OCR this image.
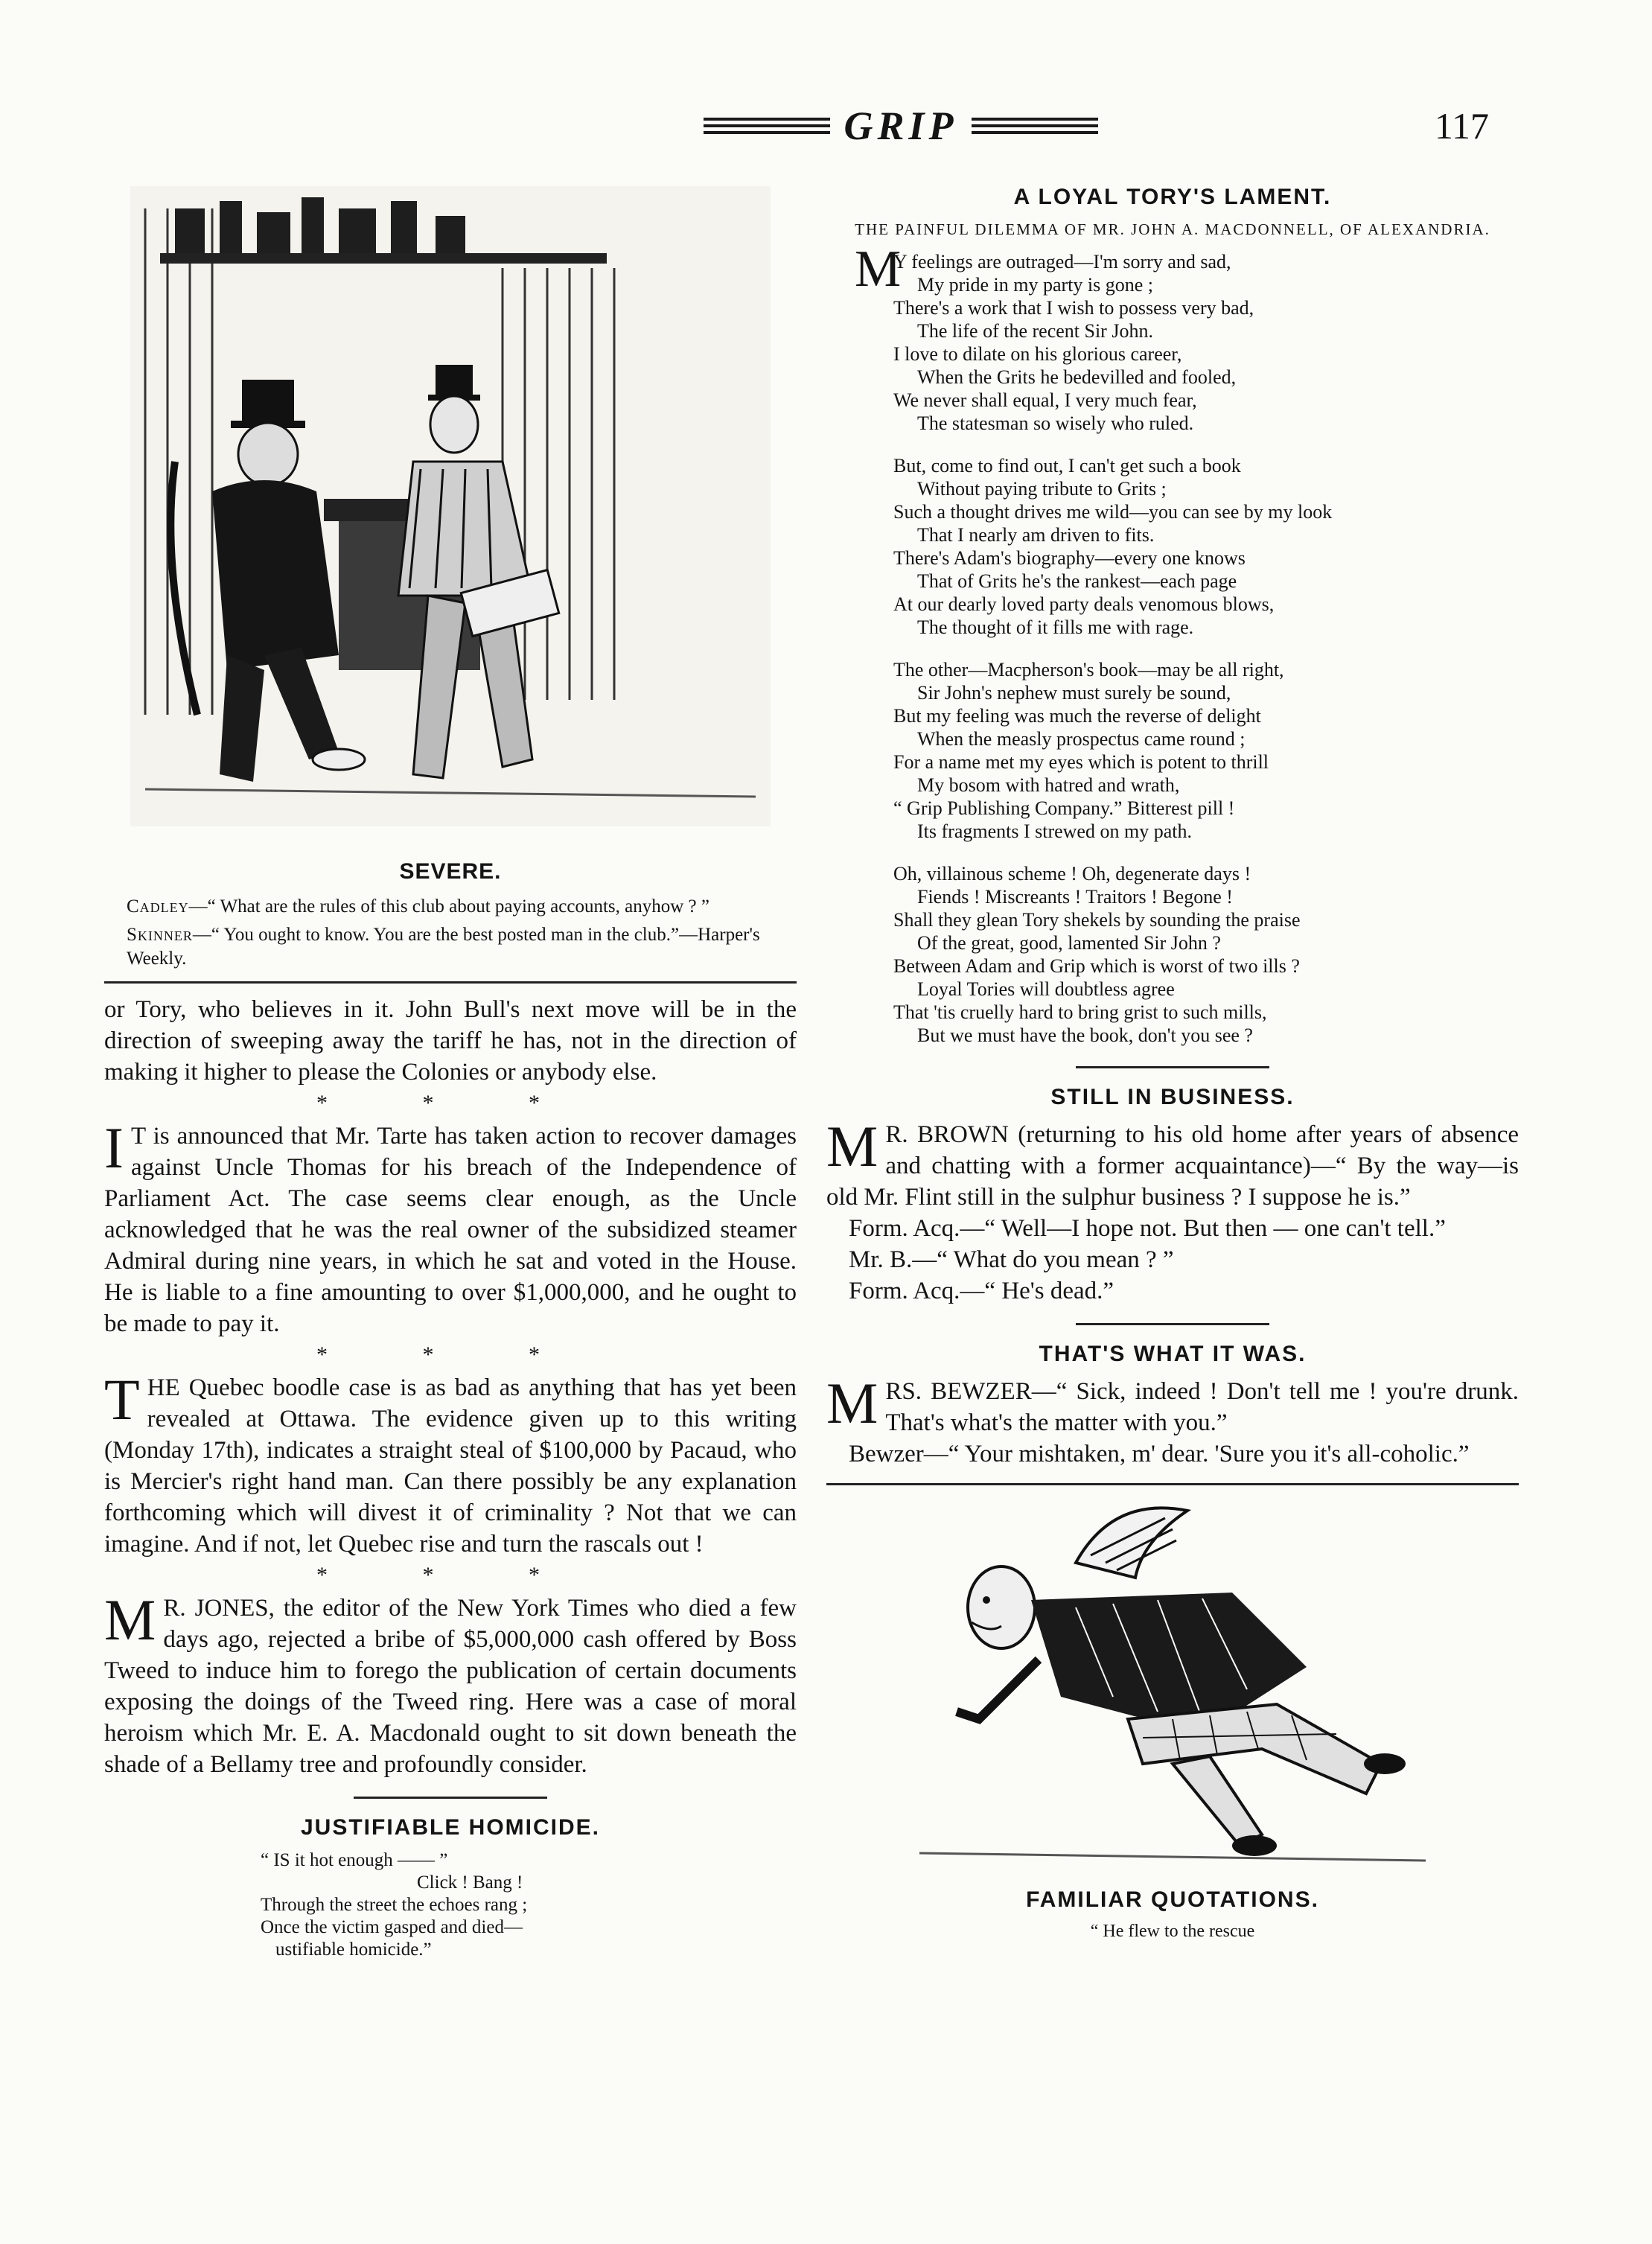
GRIP	117
SEVERE.

Cadley—“ What are the rules of this club about paying accounts, anyhow ? ”

Skinner—“ You ought to know. You are the best posted man in the club.”—Harper's Weekly.

or Tory, who believes in it. John Bull's next move will be in the direction of sweeping away the tariff he has, not in the direction of making it higher to please the Colonies or anybody else.

* * *

I T is announced that Mr. Tarte has taken action to recover damages against Uncle Thomas for his breach of the Independence of Parliament Act. The case seems clear enough, as the Uncle acknowledged that he was the real owner of the subsidized steamer Admiral during nine years, in which he sat and voted in the House. He is liable to a fine amounting to over $1,000,000, and he ought to be made to pay it.

* * *

THE Quebec boodle case is as bad as anything that has yet been revealed at Ottawa. The evidence given up to this writing (Monday 17th), indicates a straight steal of $100,000 by Pacaud, who is Mercier's right hand man. Can there possibly be any explanation forthcoming which will divest it of criminality ? Not that we can imagine. And if not, let Quebec rise and turn the rascals out !

* * *

M R. JONES, the editor of the New York Times who died a few days ago, rejected a bribe of $5,000,000 cash offered by Boss Tweed to induce him to forego the publication of certain documents exposing the doings of the Tweed ring. Here was a case of moral heroism which Mr. E. A. Macdonald ought to sit down beneath the shade of a Bellamy tree and profoundly consider.

JUSTIFIABLE HOMICIDE.
“ IS it hot enough —— ”
Click ! Bang !
Through the street the echoes rang ;
Once the victim gasped and died—
ustifiable homicide.”
A LOYAL TORY'S LAMENT.
THE PAINFUL DILEMMA OF MR. JOHN A. MACDONNELL, OF ALEXANDRIA.
M
Y feelings are outraged—I'm sorry and sad,
My pride in my party is gone ;
There's a work that I wish to possess very bad,
The life of the recent Sir John.
I love to dilate on his glorious career,
When the Grits he bedevilled and fooled,
We never shall equal, I very much fear,
The statesman so wisely who ruled.
But, come to find out, I can't get such a book
Without paying tribute to Grits ;
Such a thought drives me wild—you can see by my look
That I nearly am driven to fits.
There's Adam's biography—every one knows
That of Grits he's the rankest—each page
At our dearly loved party deals venomous blows,
The thought of it fills me with rage.
The other—Macpherson's book—may be all right,
Sir John's nephew must surely be sound,
But my feeling was much the reverse of delight
When the measly prospectus came round ;
For a name met my eyes which is potent to thrill
My bosom with hatred and wrath,
“ Grip Publishing Company.” Bitterest pill !
Its fragments I strewed on my path.
Oh, villainous scheme ! Oh, degenerate days !
Fiends ! Miscreants ! Traitors ! Begone !
Shall they glean Tory shekels by sounding the praise
Of the great, good, lamented Sir John ?
Between Adam and Grip which is worst of two ills ?
Loyal Tories will doubtless agree
That 'tis cruelly hard to bring grist to such mills,
But we must have the book, don't you see ?
STILL IN BUSINESS.

M R. BROWN (returning to his old home after years of absence and chatting with a former acquaintance)—“ By the way—is old Mr. Flint still in the sulphur business ? I suppose he is.”

Form. Acq.—“ Well—I hope not. But then — one can't tell.”

Mr. B.—“ What do you mean ? ”

Form. Acq.—“ He's dead.”

THAT'S WHAT IT WAS.

MRS. BEWZER—“ Sick, indeed ! Don't tell me ! you're drunk. That's what's the matter with you.”

Bewzer—“ Your mishtaken, m' dear. 'Sure you it's all-coholic.”

FAMILIAR QUOTATIONS.
“ He flew to the rescue
